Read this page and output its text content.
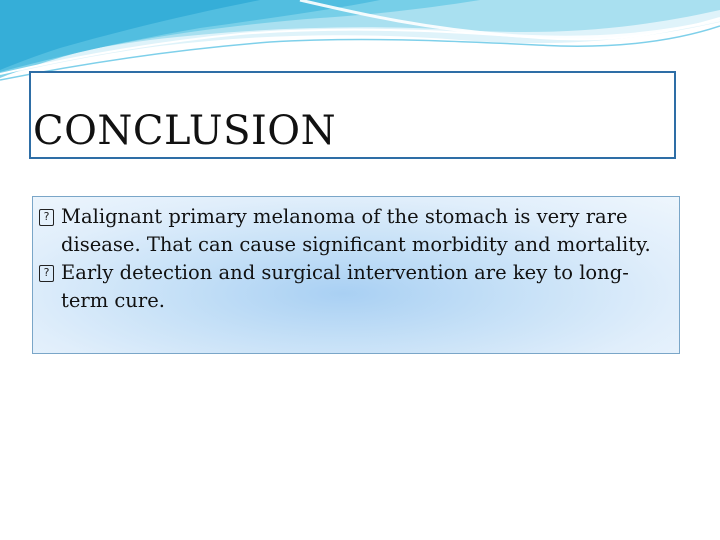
CONCLUSION
? Malignant primary melanoma of the stomach is very rare disease. That can cause significant morbidity and mortality.
? Early detection and surgical intervention are key to long-term cure.
